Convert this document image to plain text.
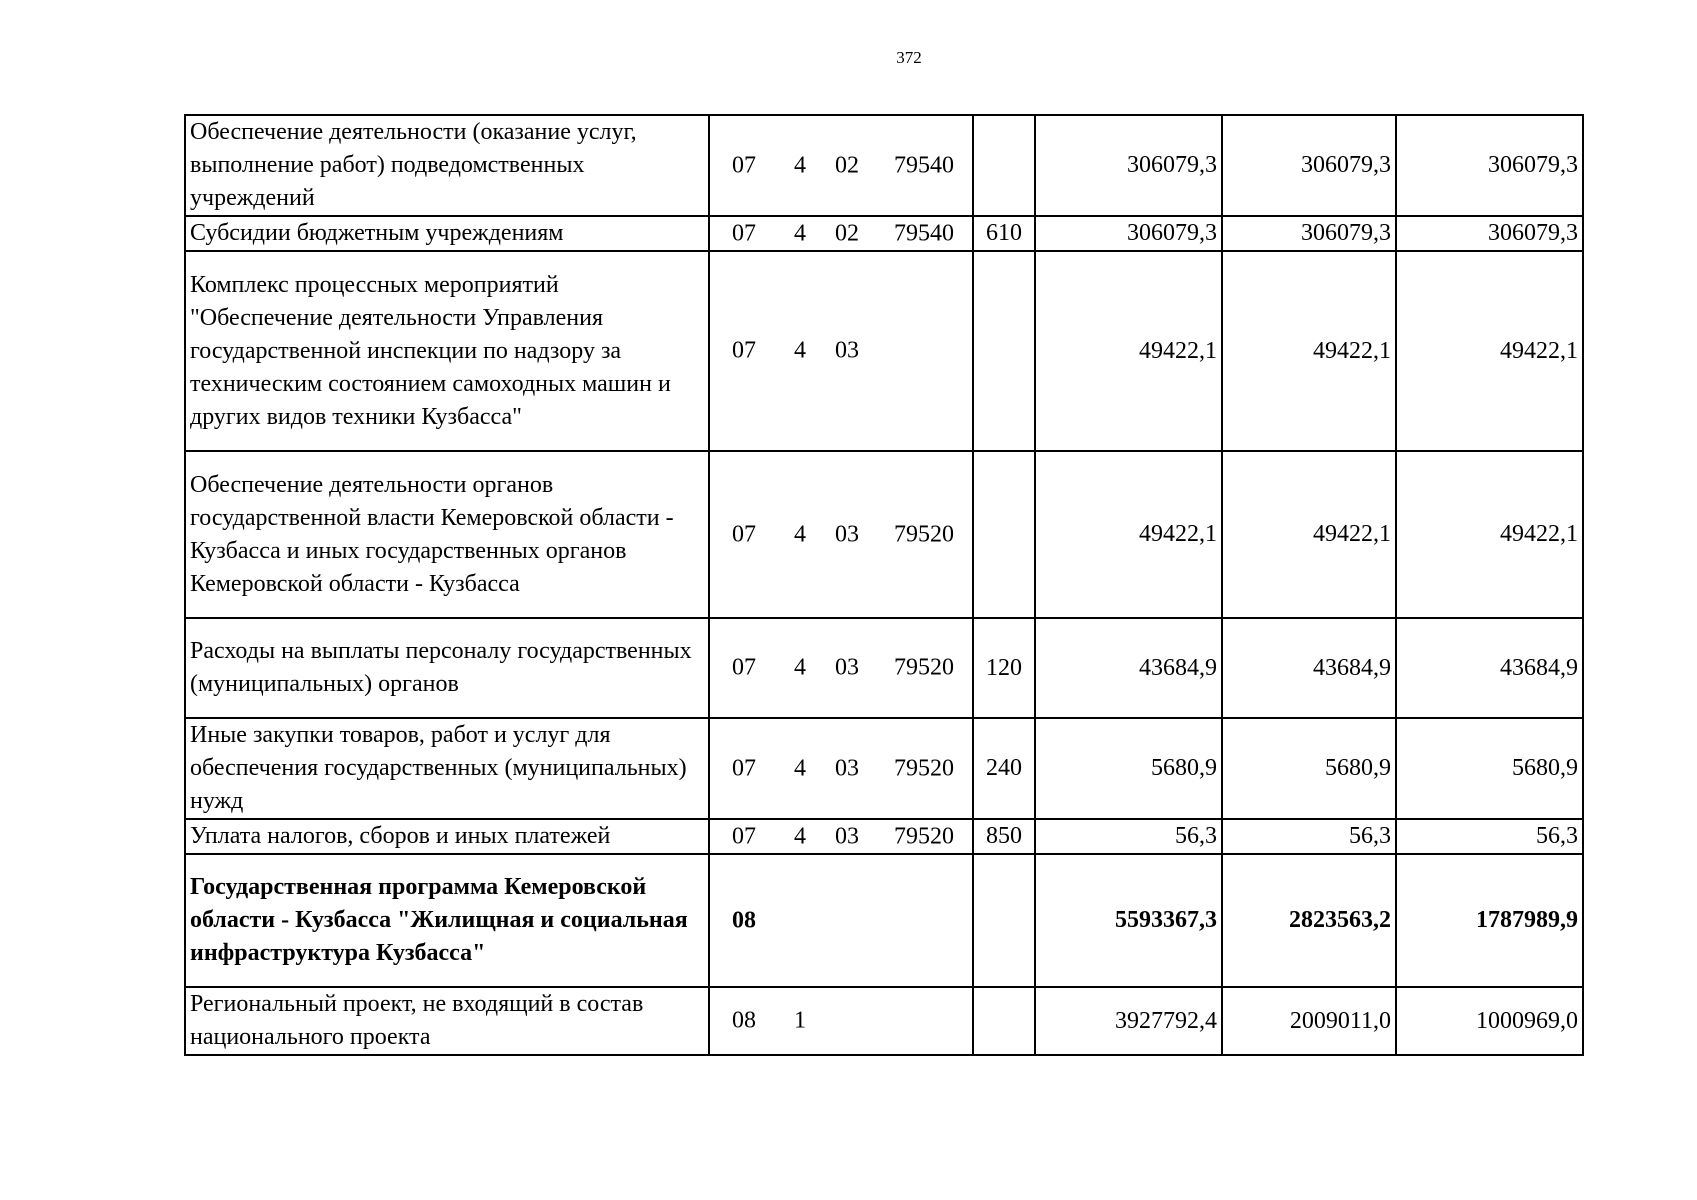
372
Обеспечение деятельности (оказание услуг, выполнение работ) подведомственных учреждений	07 4 02 79540		306079,3	306079,3	306079,3
Субсидии бюджетным учреждениям	07 4 02 79540	610	306079,3	306079,3	306079,3
Комплекс процессных мероприятий "Обеспечение деятельности Управления государственной инспекции по надзору за техническим состоянием самоходных машин и других видов техники Кузбасса"	07 4 03		49422,1	49422,1	49422,1
Обеспечение деятельности органов государственной власти Кемеровской области - Кузбасса и иных государственных органов Кемеровской области - Кузбасса	07 4 03 79520		49422,1	49422,1	49422,1
Расходы на выплаты персоналу государственных (муниципальных) органов	07 4 03 79520	120	43684,9	43684,9	43684,9
Иные закупки товаров, работ и услуг для обеспечения государственных (муниципальных) нужд	07 4 03 79520	240	5680,9	5680,9	5680,9
Уплата налогов, сборов и иных платежей	07 4 03 79520	850	56,3	56,3	56,3
Государственная программа Кемеровской области - Кузбасса "Жилищная и социальная инфраструктура Кузбасса"	08		5593367,3	2823563,2	1787989,9
Региональный проект, не входящий в состав национального проекта	08 1		3927792,4	2009011,0	1000969,0
